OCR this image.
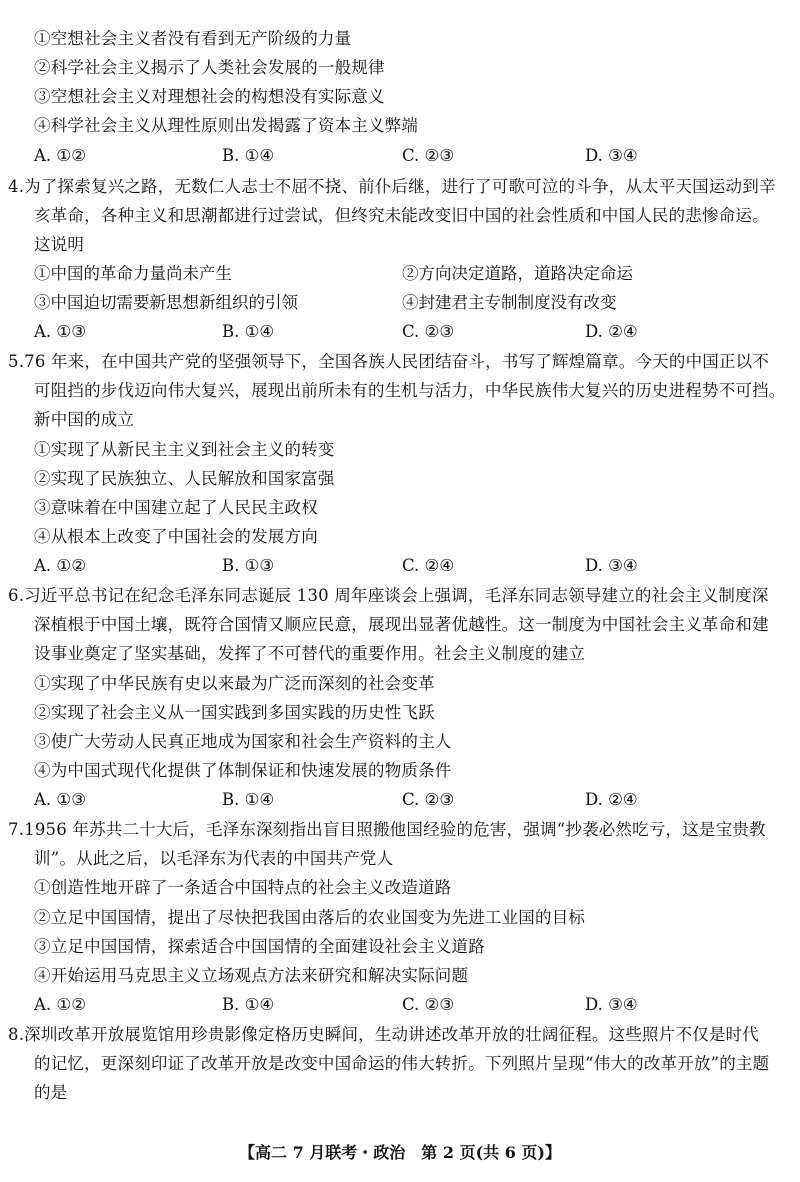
①空想社会主义者没有看到无产阶级的力量
②科学社会主义揭示了人类社会发展的一般规律
③空想社会主义对理想社会的构想没有实际意义
④科学社会主义从理性原则出发揭露了资本主义弊端
A. ①②	B. ①④	C. ②③	D. ③④
4.为了探索复兴之路，无数仁人志士不屈不挠、前仆后继，进行了可歌可泣的斗争，从太平天国运动到辛
亥革命，各种主义和思潮都进行过尝试，但终究未能改变旧中国的社会性质和中国人民的悲惨命运。
这说明
①中国的革命力量尚未产生	②方向决定道路，道路决定命运
③中国迫切需要新思想新组织的引领	④封建君主专制制度没有改变
A. ①③	B. ①④	C. ②③	D. ②④
5.76 年来，在中国共产党的坚强领导下，全国各族人民团结奋斗，书写了辉煌篇章。今天的中国正以不
可阻挡的步伐迈向伟大复兴，展现出前所未有的生机与活力，中华民族伟大复兴的历史进程势不可挡。
新中国的成立
①实现了从新民主主义到社会主义的转变
②实现了民族独立、人民解放和国家富强
③意味着在中国建立起了人民民主政权
④从根本上改变了中国社会的发展方向
A. ①②	B. ①③	C. ②④	D. ③④
6.习近平总书记在纪念毛泽东同志诞辰 130 周年座谈会上强调，毛泽东同志领导建立的社会主义制度深
深植根于中国土壤，既符合国情又顺应民意，展现出显著优越性。这一制度为中国社会主义革命和建
设事业奠定了坚实基础，发挥了不可替代的重要作用。社会主义制度的建立
①实现了中华民族有史以来最为广泛而深刻的社会变革
②实现了社会主义从一国实践到多国实践的历史性飞跃
③使广大劳动人民真正地成为国家和社会生产资料的主人
④为中国式现代化提供了体制保证和快速发展的物质条件
A. ①③	B. ①④	C. ②③	D. ②④
7.1956 年苏共二十大后，毛泽东深刻指出盲目照搬他国经验的危害，强调“抄袭必然吃亏，这是宝贵教
训”。从此之后，以毛泽东为代表的中国共产党人
①创造性地开辟了一条适合中国特点的社会主义改造道路
②立足中国国情，提出了尽快把我国由落后的农业国变为先进工业国的目标
③立足中国国情，探索适合中国国情的全面建设社会主义道路
④开始运用马克思主义立场观点方法来研究和解决实际问题
A. ①②	B. ①④	C. ②③	D. ③④
8.深圳改革开放展览馆用珍贵影像定格历史瞬间，生动讲述改革开放的壮阔征程。这些照片不仅是时代
的记忆，更深刻印证了改革开放是改变中国命运的伟大转折。下列照片呈现“伟大的改革开放”的主题
的是
【高二 7 月联考・政治　第 2 页(共 6 页)】
